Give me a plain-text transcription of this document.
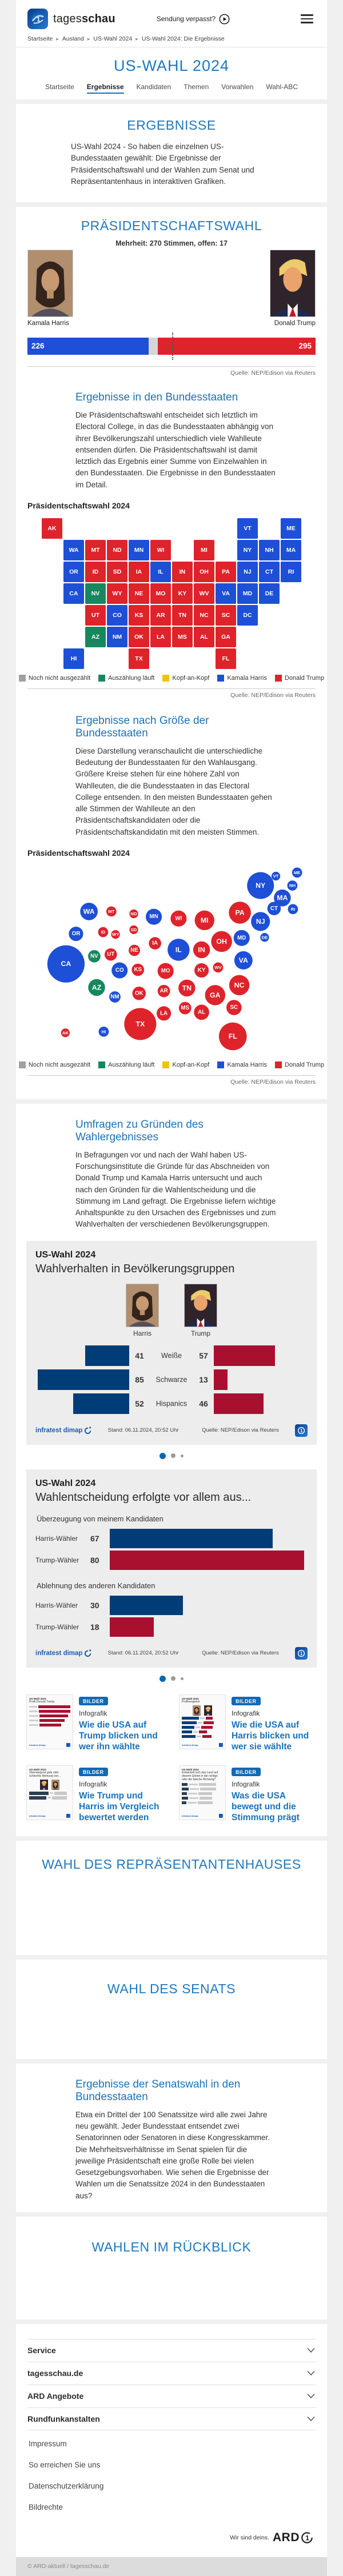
1 tagesschau	Sendung verpasst?
Startseite ▸ Ausland ▸ US-Wahl 2024 ▸ US-Wahl 2024: Die Ergebnisse
US-WAHL 2024
Startseite Ergebnisse Kandidaten Themen Vorwahlen Wahl-ABC
ERGEBNISSE

US-Wahl 2024 - So haben die einzelnen US-Bundesstaaten gewählt: Die Ergebnisse der Präsidentschaftswahl und der Wahlen zum Senat und Repräsentantenhaus in interaktiven Grafiken.

PRÄSIDENTSCHAFTSWAHL

Mehrheit: 270 Stimmen, offen: 17

Kamala Harris	Donald Trump
226	295
Quelle: NEP/Edison via Reuters
Ergebnisse in den Bundesstaaten

Die Präsidentschaftswahl entscheidet sich letztlich im Electoral College, in das die Bundesstaaten abhängig von ihrer Bevölkerungszahl unterschiedlich viele Wahlleute entsenden dürfen. Die Präsidentschaftswahl ist damit letztlich das Ergebnis einer Summe von Einzelwahlen in den Bundesstaaten. Die Ergebnisse in den Bundesstaaten im Detail.

Präsidentschaftswahl 2024
AK	VT	ME
WA	MT	ND	MN	WI	MI	NY	NH	MA
OR	ID	SD	IA	IL	IN	OH	PA	NJ	CT	RI
CA	NV	WY	NE	MO	KY	WV	VA	MD	DE
UT	CO	KS	AR	TN	NC	SC	DC
AZ	NM	OK	LA	MS	AL	GA
HI	TX	FL
Noch nicht ausgezählt	Auszählung läuft	Kopf-an-Kopf	Kamala Harris	Donald Trump
Quelle: NEP/Edison via Reuters
Ergebnisse nach Größe der Bundesstaaten

Diese Darstellung veranschaulicht die unterschiedliche Bedeutung der Bundesstaaten für den Wahlausgang. Größere Kreise stehen für eine höhere Zahl von Wahlleuten, die die Bundesstaaten in das Electoral College entsenden. In den meisten Bundesstaaten gehen alle Stimmen der Wahlleute an den Präsidentschaftskandidaten oder die Präsidentschaftskandidatin mit den meisten Stimmen.

Präsidentschaftswahl 2024
AK
VT
ME
WA	MT	ND MN	WI	MI
NY	NH
MA
OR	ID	SD
IA
IL IN
OH
PA
NJ
CT	RI
CA
NV
WY
NE
MO	KY WV
VA
MD	DE
UT
CO KS
AR TN	NC
SC
AZ
NM
OK
LA
MS
AL
GA
HI
TX
FL
Noch nicht ausgezählt	Auszählung läuft	Kopf-an-Kopf	Kamala Harris	Donald Trump
Quelle: NEP/Edison via Reuters
Umfragen zu Gründen des Wahlergebnisses

In Befragungen vor und nach der Wahl haben US-Forschungsinstitute die Gründe für das Abschneiden von Donald Trump und Kamala Harris untersucht und auch nach den Gründen für die Wahlentscheidung und die Stimmung im Land gefragt. Die Ergebnisse liefern wichtige Anhaltspunkte zu den Ursachen des Ergebnisses und zum Wahlverhalten der verschiedenen Bevölkerungsgruppen.

US-Wahl 2024
Wahlverhalten in Bevölkerungsgruppen
Harris	Trump
41	Weiße	57
85	Schwarze	13
52	Hispanics	46
infratest dimap	Stand: 06.11.2024, 20:52 Uhr	Quelle: NEP/Edison via Reuters	1
US-Wahl 2024
Wahlentscheidung erfolgte vor allem aus...
Überzeugung von meinem Kandidaten
Harris-Wähler	67
Trump-Wähler	80
Ablehnung des anderen Kandidaten
Harris-Wähler	30
Trump-Wähler	18
infratest dimap	Stand: 06.11.2024, 20:52 Uhr	Quelle: NEP/Edison via Reuters	1
US-Wahl 2024
Profil Donald Trump
infratest dimap
BILDER
Infografik
Wie die USA auf Trump blicken und wer ihn wählte
US-Wahl 2024
Profilvergleich
infratest dimap
BILDER
Infografik
Wie die USA auf Harris blicken und wer sie wählte
US-Wahl 2024
Überwiegend gute oder schlechte Meinung von...
infratest dimap
BILDER
Infografik
Wie Trump und Harris im Vergleich bewertet werden
US-Wahl 2024
Entwickelt sich das Land auf diesem Gebiet in die richtige oder die falsche Richtung?
infratest dimap
BILDER
Infografik
Was die USA bewegt und die Stimmung prägt
WAHL DES REPRÄSENTANTENHAUSES
WAHL DES SENATS
Ergebnisse der Senatswahl in den Bundesstaaten

Etwa ein Drittel der 100 Senatssitze wird alle zwei Jahre neu gewählt. Jeder Bundesstaat entsendet zwei Senatorinnen oder Senatoren in diese Kongresskammer. Die Mehrheitsverhältnisse im Senat spielen für die jeweilige Präsidentschaft eine große Rolle bei vielen Gesetzgebungsvorhaben. Wie sehen die Ergebnisse der Wahlen um die Senatssitze 2024 in den Bundesstaaten aus?

WAHLEN IM RÜCKBLICK
Service
tagesschau.de
ARD Angebote
Rundfunkanstalten
Impressum
So erreichen Sie uns
Datenschutzerklärung
Bildrechte
Wir sind deins. ARD 1
© ARD-aktuell / tagesschau.de
